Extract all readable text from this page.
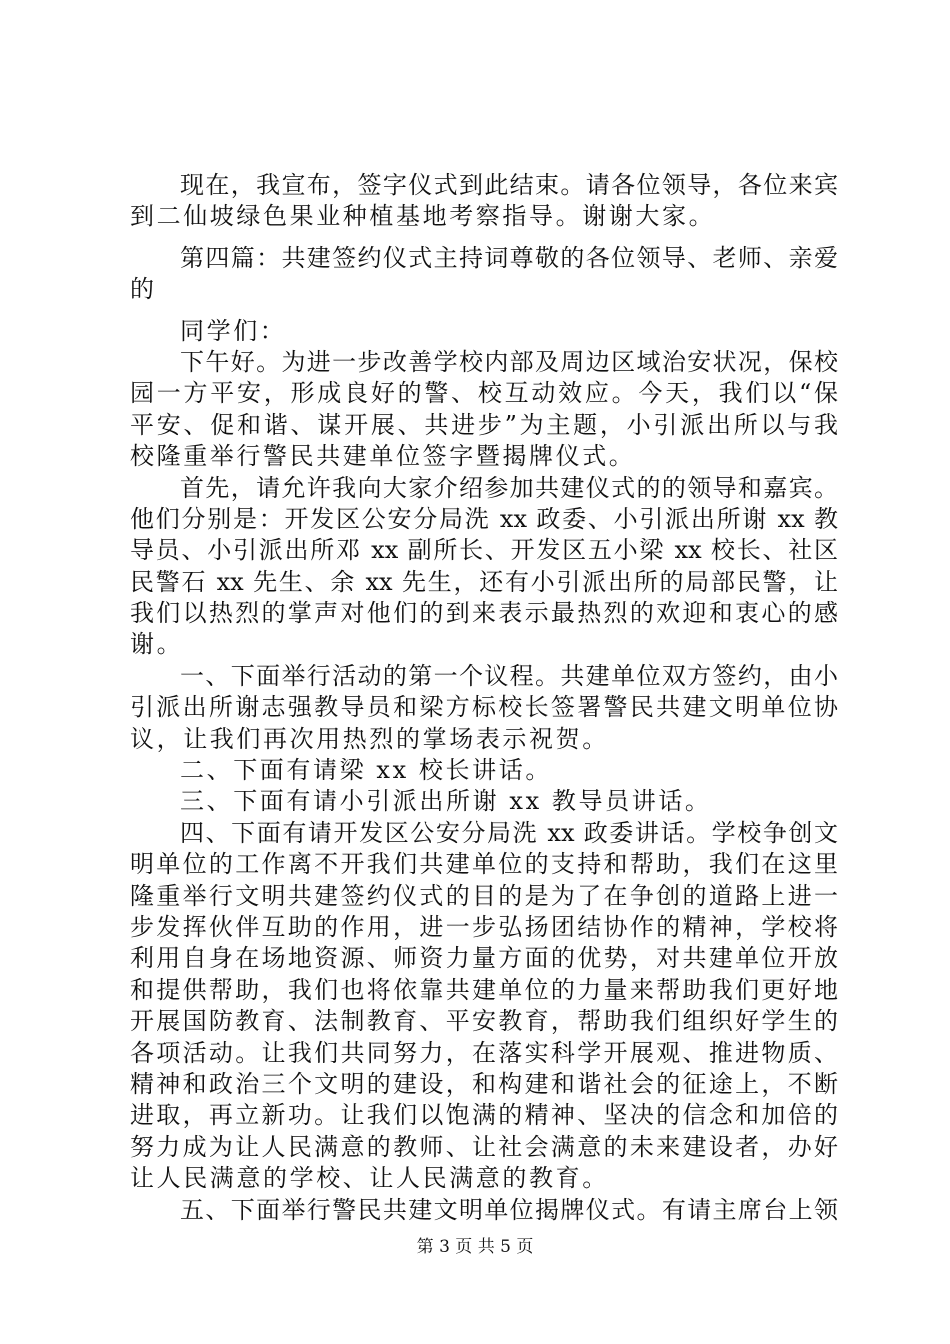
现在，我宣布，签字仪式到此结束。请各位领导，各位来宾
到二仙坡绿色果业种植基地考察指导。谢谢大家。
第四篇：共建签约仪式主持词尊敬的各位领导、老师、亲爱
的
同学们：
下午好。为进一步改善学校内部及周边区域治安状况，保校
园一方平安，形成良好的警、校互动效应。今天，我们以“保
平安、促和谐、谋开展、共进步”为主题，小引派出所以与我
校隆重举行警民共建单位签字暨揭牌仪式。
首先，请允许我向大家介绍参加共建仪式的的领导和嘉宾。
他们分别是：开发区公安分局洗 xx 政委、小引派出所谢 xx 教
导员、小引派出所邓 xx 副所长、开发区五小梁 xx 校长、社区
民警石 xx 先生、余 xx 先生，还有小引派出所的局部民警，让
我们以热烈的掌声对他们的到来表示最热烈的欢迎和衷心的感
谢。
一、下面举行活动的第一个议程。共建单位双方签约，由小
引派出所谢志强教导员和梁方标校长签署警民共建文明单位协
议，让我们再次用热烈的掌场表示祝贺。
二、下面有请梁 xx 校长讲话。
三、下面有请小引派出所谢 xx 教导员讲话。
四、下面有请开发区公安分局洗 xx 政委讲话。学校争创文
明单位的工作离不开我们共建单位的支持和帮助，我们在这里
隆重举行文明共建签约仪式的目的是为了在争创的道路上进一
步发挥伙伴互助的作用，进一步弘扬团结协作的精神，学校将
利用自身在场地资源、师资力量方面的优势，对共建单位开放
和提供帮助，我们也将依靠共建单位的力量来帮助我们更好地
开展国防教育、法制教育、平安教育，帮助我们组织好学生的
各项活动。让我们共同努力，在落实科学开展观、推进物质、
精神和政治三个文明的建设，和构建和谐社会的征途上，不断
进取，再立新功。让我们以饱满的精神、坚决的信念和加倍的
努力成为让人民满意的教师、让社会满意的未来建设者，办好
让人民满意的学校、让人民满意的教育。
五、下面举行警民共建文明单位揭牌仪式。有请主席台上领
第 3 页 共 5 页
